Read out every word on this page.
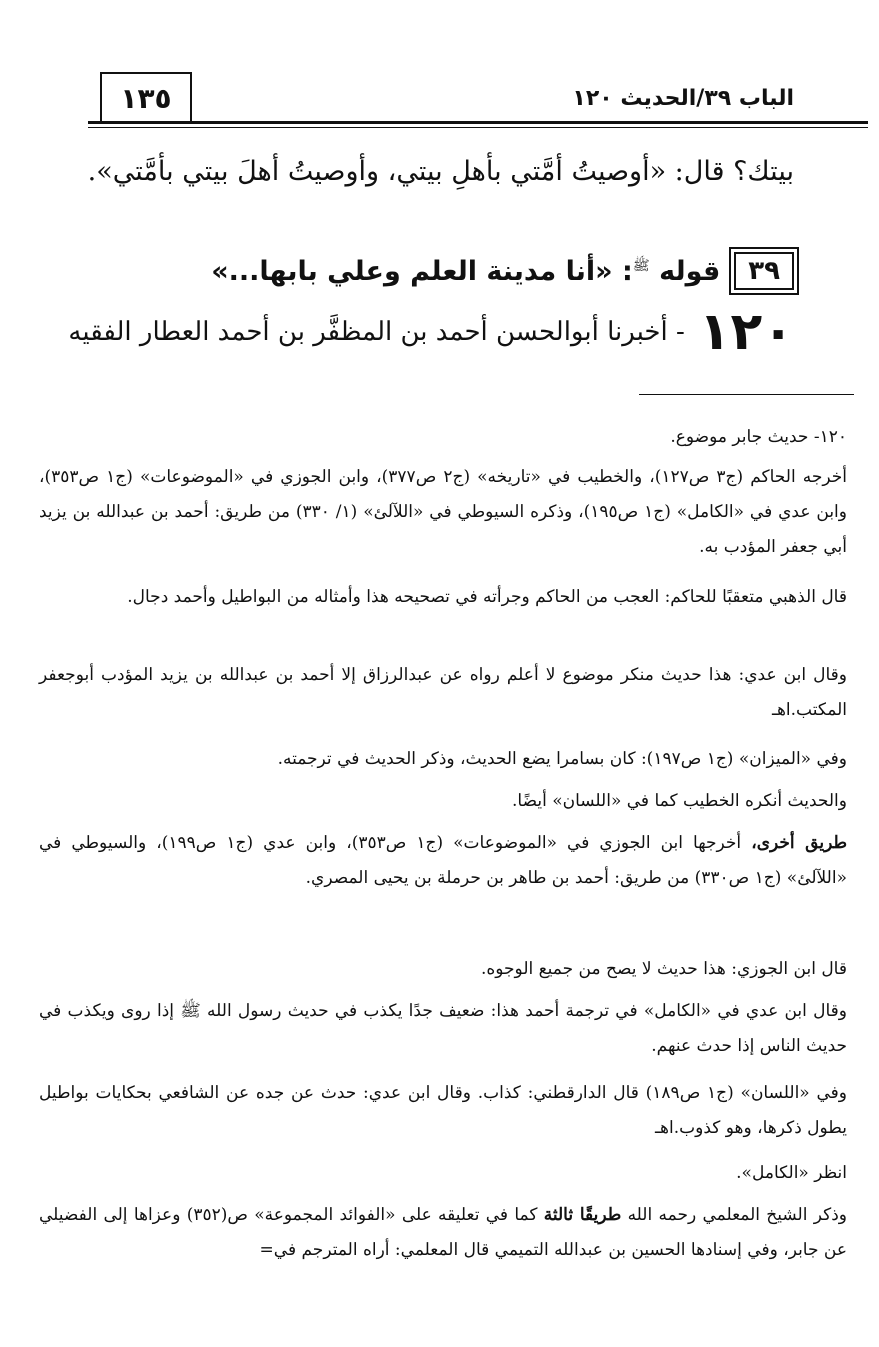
الباب ٣٩/الحديث ١٢٠
١٣٥
بيتك؟ قال: «أوصيتُ أمَّتي بأهلِ بيتي، وأوصيتُ أهلَ بيتي بأمَّتي».
٣٩
قوله $^ﷺ$: «أنا مدينة العلم وعلي بابها...»
١٢٠
- أخبرنا أبوالحسن أحمد بن المظفَّر بن أحمد العطار الفقيه
١٢٠- حديث جابر موضوع.
أخرجه الحاكم (ج٣ ص١٢٧)، والخطيب في «تاريخه» (ج٢ ص٣٧٧)، وابن الجوزي في «الموضوعات» (ج١ ص٣٥٣)، وابن عدي في «الكامل» (ج١ ص١٩٥)، وذكره السيوطي في «اللآلئ» (١/ ٣٣٠) من طريق: أحمد بن عبدالله بن يزيد أبي جعفر المؤدب به.
قال الذهبي متعقبًا للحاكم: العجب من الحاكم وجرأته في تصحيحه هذا وأمثاله من البواطيل وأحمد دجال.
وقال ابن عدي: هذا حديث منكر موضوع لا أعلم رواه عن عبدالرزاق إلا أحمد بن عبدالله بن يزيد المؤدب أبوجعفر المكتب.اهـ
وفي «الميزان» (ج١ ص١٩٧): كان بسامرا يضع الحديث، وذكر الحديث في ترجمته.
والحديث أنكره الخطيب كما في «اللسان» أيضًا.
طريق أخرى، أخرجها ابن الجوزي في «الموضوعات» (ج١ ص٣٥٣)، وابن عدي (ج١ ص١٩٩)، والسيوطي في «اللآلئ» (ج١ ص٣٣٠) من طريق: أحمد بن طاهر بن حرملة بن يحيى المصري.
قال ابن الجوزي: هذا حديث لا يصح من جميع الوجوه.
وقال ابن عدي في «الكامل» في ترجمة أحمد هذا: ضعيف جدًا يكذب في حديث رسول الله ﷺ إذا روى ويكذب في حديث الناس إذا حدث عنهم.
وفي «اللسان» (ج١ ص١٨٩) قال الدارقطني: كذاب. وقال ابن عدي: حدث عن جده عن الشافعي بحكايات بواطيل يطول ذكرها، وهو كذوب.اهـ
انظر «الكامل».
وذكر الشيخ المعلمي رحمه الله طريقًا ثالثة كما في تعليقه على «الفوائد المجموعة» ص(٣٥٢) وعزاها إلى الفضيلي عن جابر، وفي إسنادها الحسين بن عبدالله التميمي قال المعلمي: أراه المترجم في=
